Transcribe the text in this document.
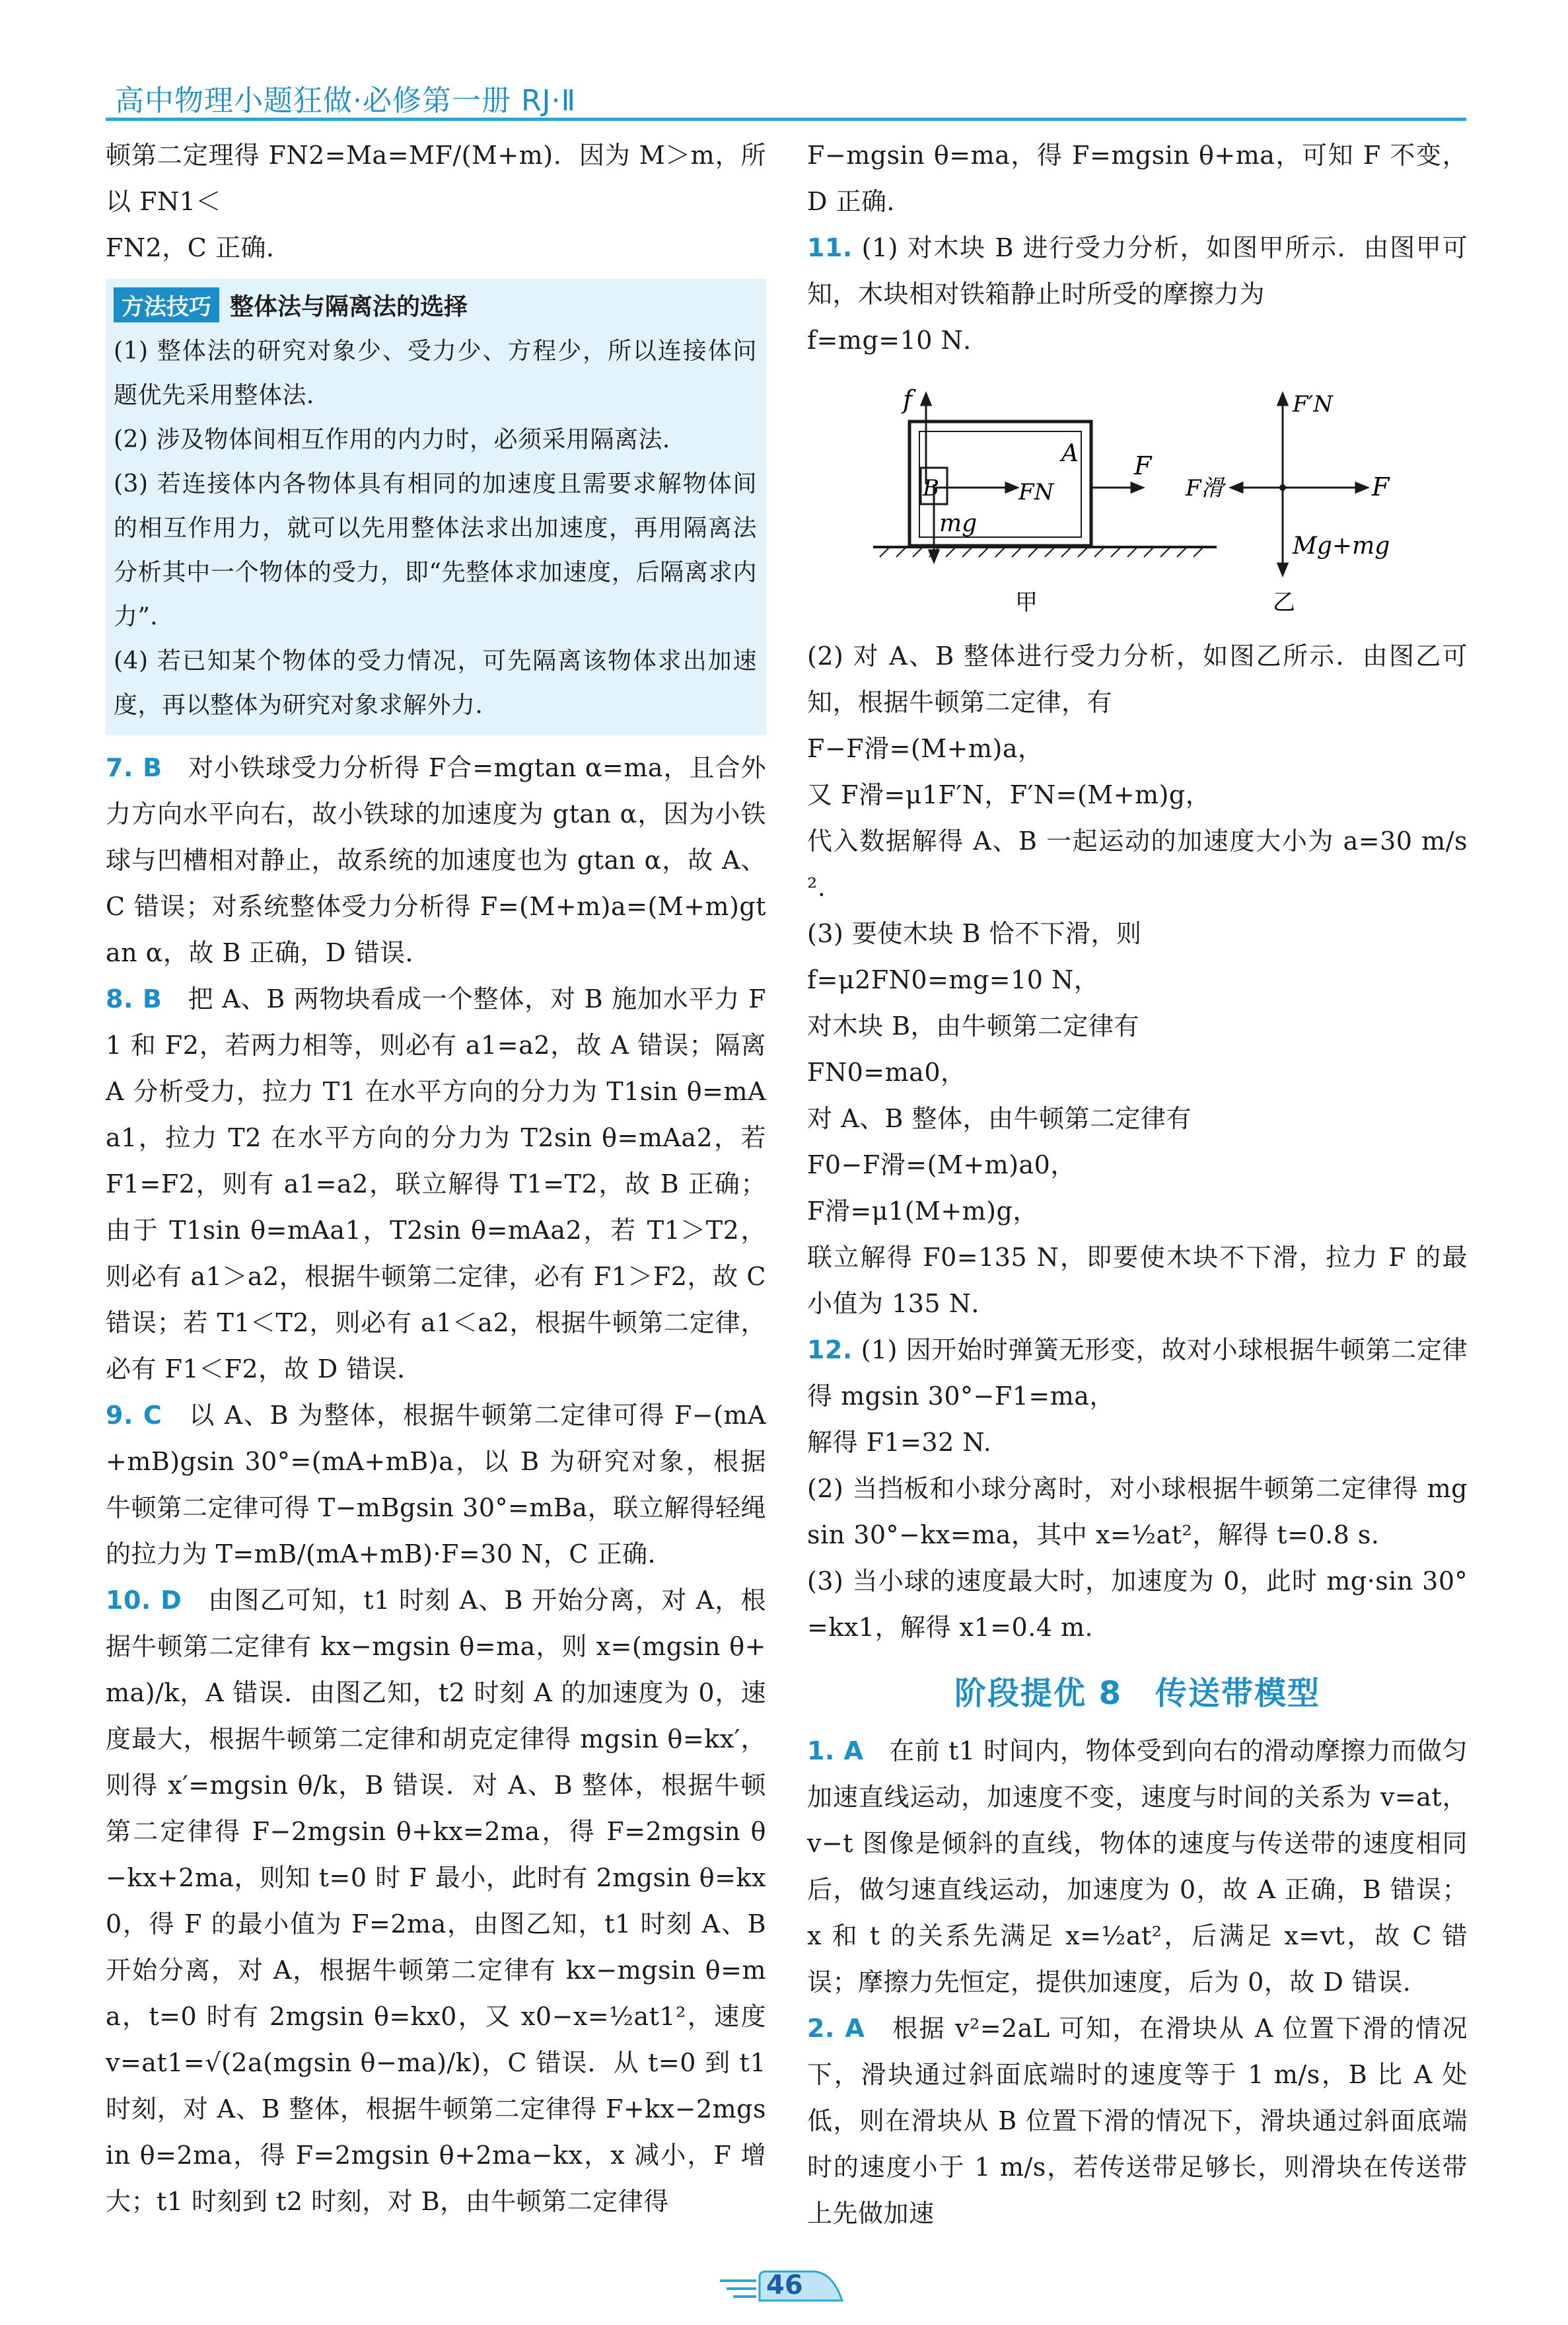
高中物理小题狂做·必修第一册 RJ·Ⅱ

顿第二定理得 FN2=Ma=MF/(M+m)．因为 M＞m，所以 FN1＜

FN2，C 正确．

方法技巧 整体法与隔离法的选择

(1) 整体法的研究对象少、受力少、方程少，所以连接体问题优先采用整体法．

(2) 涉及物体间相互作用的内力时，必须采用隔离法．

(3) 若连接体内各物体具有相同的加速度且需要求解物体间的相互作用力，就可以先用整体法求出加速度，再用隔离法分析其中一个物体的受力，即“先整体求加速度，后隔离求内力”．

(4) 若已知某个物体的受力情况，可先隔离该物体求出加速度，再以整体为研究对象求解外力．

7. B　 对小铁球受力分析得 F合=mgtan α=ma，且合外力方向水平向右，故小铁球的加速度为 gtan α，因为小铁球与凹槽相对静止，故系统的加速度也为 gtan α，故 A、C 错误；对系统整体受力分析得 F=(M+m)a=(M+m)gtan α，故 B 正确，D 错误．

8. B　 把 A、B 两物块看成一个整体，对 B 施加水平力 F1 和 F2，若两力相等，则必有 a1=a2，故 A 错误；隔离 A 分析受力，拉力 T1 在水平方向的分力为 T1sin θ=mAa1，拉力 T2 在水平方向的分力为 T2sin θ=mAa2，若 F1=F2，则有 a1=a2，联立解得 T1=T2，故 B 正确；由于 T1sin θ=mAa1，T2sin θ=mAa2，若 T1＞T2，则必有 a1＞a2，根据牛顿第二定律，必有 F1＞F2，故 C 错误；若 T1＜T2，则必有 a1＜a2，根据牛顿第二定律，必有 F1＜F2，故 D 错误．

9. C　 以 A、B 为整体，根据牛顿第二定律可得 F−(mA+mB)gsin 30°=(mA+mB)a，以 B 为研究对象，根据牛顿第二定律可得 T−mBgsin 30°=mBa，联立解得轻绳的拉力为 T=mB/(mA+mB)·F=30 N，C 正确．

10. D　 由图乙可知，t1 时刻 A、B 开始分离，对 A，根据牛顿第二定律有 kx−mgsin θ=ma，则 x=(mgsin θ+ma)/k，A 错误．由图乙知，t2 时刻 A 的加速度为 0，速度最大，根据牛顿第二定律和胡克定律得 mgsin θ=kx′，则得 x′=mgsin θ/k，B 错误．对 A、B 整体，根据牛顿第二定律得 F−2mgsin θ+kx=2ma，得 F=2mgsin θ−kx+2ma，则知 t=0 时 F 最小，此时有 2mgsin θ=kx0，得 F 的最小值为 F=2ma，由图乙知，t1 时刻 A、B 开始分离，对 A，根据牛顿第二定律有 kx−mgsin θ=ma，t=0 时有 2mgsin θ=kx0，又 x0−x=½at1²，速度 v=at1=√(2a(mgsin θ−ma)/k)，C 错误．从 t=0 到 t1 时刻，对 A、B 整体，根据牛顿第二定律得 F+kx−2mgsin θ=2ma，得 F=2mgsin θ+2ma−kx，x 减小，F 增大；t1 时刻到 t2 时刻，对 B，由牛顿第二定律得

F−mgsin θ=ma，得 F=mgsin θ+ma，可知 F 不变，D 正确．

11. (1) 对木块 B 进行受力分析，如图甲所示．由图甲可知，木块相对铁箱静止时所受的摩擦力为

f=mg=10 N．

f
B	FN
A F
mg
甲
F′N
F滑	F
Mg+mg
乙

(2) 对 A、B 整体进行受力分析，如图乙所示．由图乙可知，根据牛顿第二定律，有

F−F滑=(M+m)a，

又 F滑=μ1F′N，F′N=(M+m)g，

代入数据解得 A、B 一起运动的加速度大小为 a=30 m/s².

(3) 要使木块 B 恰不下滑，则

f=μ2FN0=mg=10 N，

对木块 B，由牛顿第二定律有

FN0=ma0，

对 A、B 整体，由牛顿第二定律有

F0−F滑=(M+m)a0，

F滑=μ1(M+m)g，

联立解得 F0=135 N，即要使木块不下滑，拉力 F 的最小值为 135 N．

12. (1) 因开始时弹簧无形变，故对小球根据牛顿第二定律得 mgsin 30°−F1=ma，

解得 F1=32 N.

(2) 当挡板和小球分离时，对小球根据牛顿第二定律得 mgsin 30°−kx=ma，其中 x=½at²，解得 t=0.8 s.

(3) 当小球的速度最大时，加速度为 0，此时 mg·sin 30°=kx1，解得 x1=0.4 m.

阶段提优 8　传送带模型

1. A　 在前 t1 时间内，物体受到向右的滑动摩擦力而做匀加速直线运动，加速度不变，速度与时间的关系为 v=at，v−t 图像是倾斜的直线，物体的速度与传送带的速度相同后，做匀速直线运动，加速度为 0，故 A 正确，B 错误；x 和 t 的关系先满足 x=½at²，后满足 x=vt，故 C 错误；摩擦力先恒定，提供加速度，后为 0，故 D 错误．

2. A　 根据 v²=2aL 可知，在滑块从 A 位置下滑的情况下，滑块通过斜面底端时的速度等于 1 m/s，B 比 A 处低，则在滑块从 B 位置下滑的情况下，滑块通过斜面底端时的速度小于 1 m/s，若传送带足够长，则滑块在传送带上先做加速

46
